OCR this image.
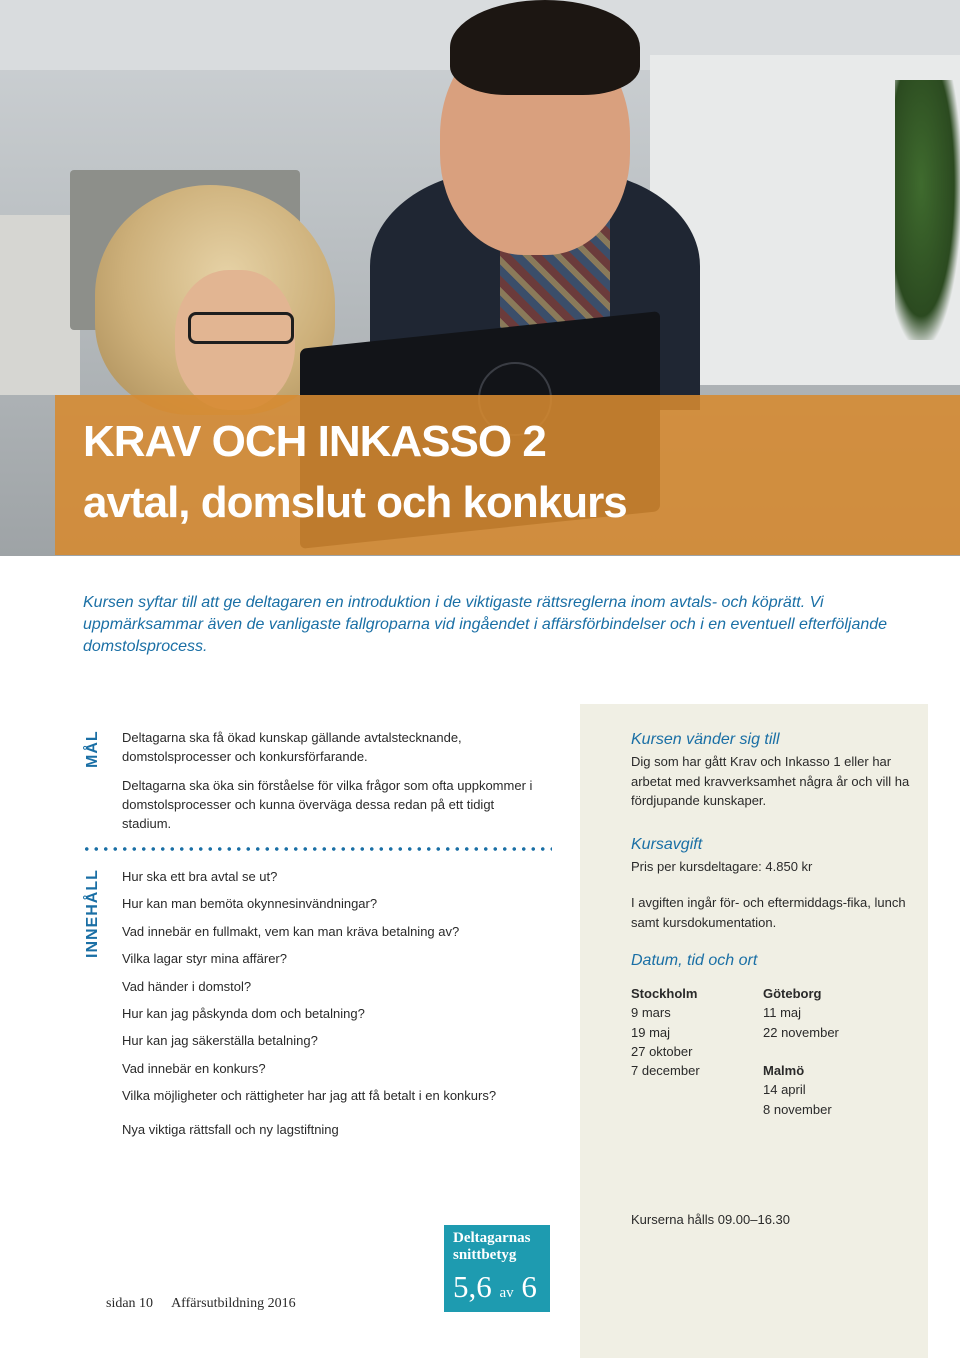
KRAV OCH INKASSO 2
avtal, domslut och konkurs

Kursen syftar till att ge deltagaren en introduktion i de viktigaste rättsreglerna inom avtals- och köprätt. Vi uppmärksammar även de vanligaste fallgroparna vid ingåendet i affärsförbindelser och i en eventuell efterföljande domstolsprocess.

MÅL Deltagarna ska få ökad kunskap gällande avtalstecknande, domstolsprocesser och konkursförfarande.

Deltagarna ska öka sin förståelse för vilka frågor som ofta uppkommer i domstolsprocesser och kunna överväga dessa redan på ett tidigt stadium.

INNEHÅLL Hur ska ett bra avtal se ut?
Hur kan man bemöta okynnesinvändningar?
Vad innebär en fullmakt, vem kan man kräva betalning av?
Vilka lagar styr mina affärer?
Vad händer i domstol?
Hur kan jag påskynda dom och betalning?
Hur kan jag säkerställa betalning?
Vad innebär en konkurs?
Vilka möjligheter och rättigheter har jag att få betalt i en konkurs?
Nya viktiga rättsfall och ny lagstiftning

Kursen vänder sig till

Dig som har gått Krav och Inkasso 1 eller har arbetat med kravverksamhet några år och vill ha fördjupande kunskaper.

Kursavgift

Pris per kursdeltagare: 4.850 kr

I avgiften ingår för- och eftermiddags-fika, lunch samt kursdokumentation.

Datum, tid och ort

Stockholm
9 mars
19 maj
27 oktober
7 december
Göteborg
11 maj
22 november
Malmö
14 april
8 november
Kurserna hålls 09.00–16.30
Deltagarnas
snittbetyg
5,6 av 6
sidan 10 Affärsutbildning 2016
